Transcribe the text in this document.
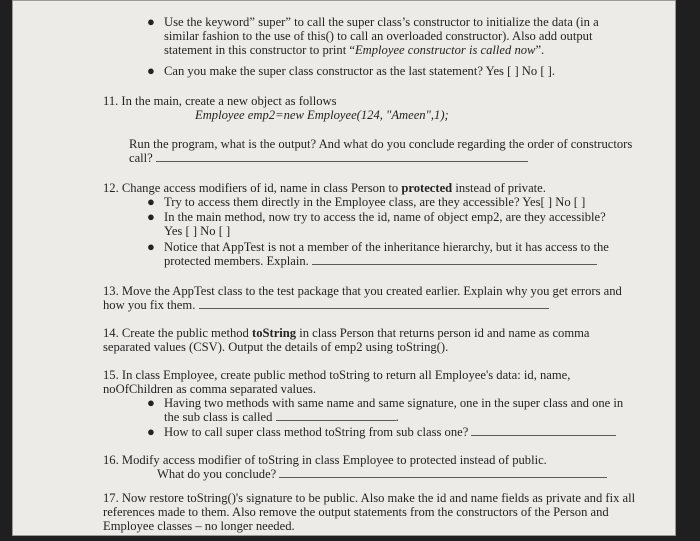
● Use the keyword” super” to call the super class’s constructor to initialize the data (in a similar fashion to the use of this() to call an overloaded constructor). Also add output statement in this constructor to print “Employee constructor is called now”.
● Can you make the super class constructor as the last statement? Yes [ ] No [ ].
11. In the main, create a new object as follows
Employee emp2=new Employee(124, "Ameen",1);
Run the program, what is the output? And what do you conclude regarding the order of constructors call?
12. Change access modifiers of id, name in class Person to protected instead of private.
● Try to access them directly in the Employee class, are they accessible? Yes[ ] No [ ]
● In the main method, now try to access the id, name of object emp2, are they accessible? Yes [ ] No [ ]
● Notice that AppTest is not a member of the inheritance hierarchy, but it has access to the protected members. Explain.
13. Move the AppTest class to the test package that you created earlier. Explain why you get errors and how you fix them.
14. Create the public method toString in class Person that returns person id and name as comma separated values (CSV). Output the details of emp2 using toString().
15. In class Employee, create public method toString to return all Employee's data: id, name, noOfChildren as comma separated values.
● Having two methods with same name and same signature, one in the super class and one in the sub class is called	.
● How to call super class method toString from sub class one?
16. Modify access modifier of toString in class Employee to protected instead of public.
What do you conclude?
17. Now restore toString()'s signature to be public. Also make the id and name fields as private and fix all references made to them. Also remove the output statements from the constructors of the Person and Employee classes – no longer needed.
